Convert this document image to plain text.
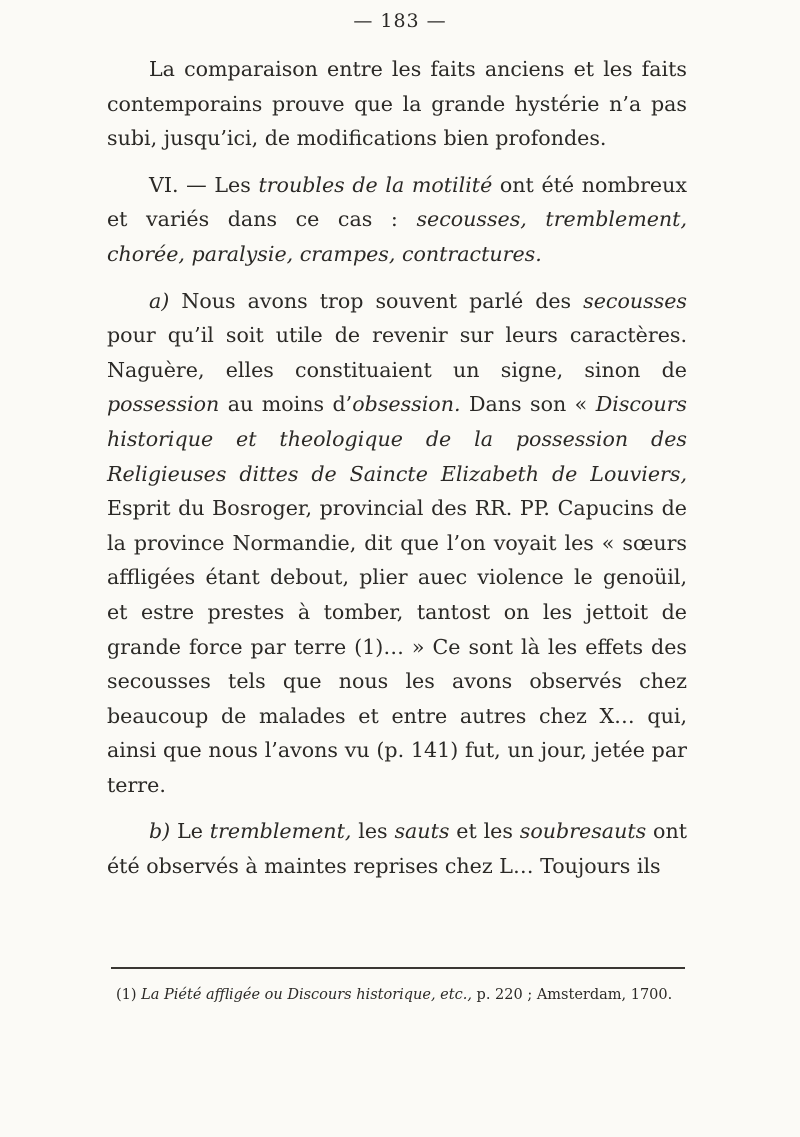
— 183 —

La comparaison entre les faits anciens et les faits contemporains prouve que la grande hystérie n’a pas subi, jusqu’ici, de modifications bien profondes.

VI. — Les troubles de la motilité ont été nombreux et variés dans ce cas : secousses, tremblement, chorée, paralysie, crampes, contractures.

a) Nous avons trop souvent parlé des secousses pour qu’il soit utile de revenir sur leurs caractères. Naguère, elles constituaient un signe, sinon de possession au moins d’obsession. Dans son « Discours historique et theologique de la possession des Religieuses dittes de Saincte Elizabeth de Louviers, Esprit du Bosroger, provincial des RR. PP. Capucins de la province Normandie, dit que l’on voyait les « sœurs affligées étant debout, plier auec violence le genoüil, et estre prestes à tomber, tantost on les jettoit de grande force par terre (1)… » Ce sont là les effets des secousses tels que nous les avons observés chez beaucoup de malades et entre autres chez X… qui, ainsi que nous l’avons vu (p. 141) fut, un jour, jetée par terre.

b) Le tremblement, les sauts et les soubresauts ont été observés à maintes reprises chez L… Toujours ils

(1) La Piété affligée ou Discours historique, etc., p. 220 ; Amsterdam, 1700.
